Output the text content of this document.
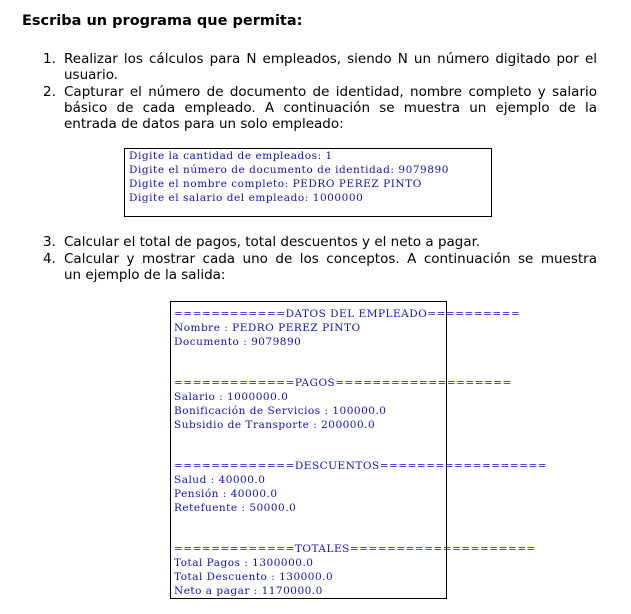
Escriba un programa que permita:
1. Realizar los cálculos para N empleados, siendo N un número digitado por el
usuario.
2. Capturar el número de documento de identidad, nombre completo y salario
básico de cada empleado. A continuación se muestra un ejemplo de la
entrada de datos para un solo empleado:
Digite la cantidad de empleados: 1
Digite el número de documento de identidad: 9079890
Digite el nombre completo: PEDRO PEREZ PINTO
Digite el salario del empleado: 1000000
3. Calcular el total de pagos, total descuentos y el neto a pagar.
4. Calcular y mostrar cada uno de los conceptos. A continuación se muestra
un ejemplo de la salida:
============DATOS DEL EMPLEADO==========
Nombre : PEDRO PEREZ PINTO
Documento : 9079890
=============PAGOS===================
Salario : 1000000.0
Bonificación de Servicios : 100000.0
Subsidio de Transporte : 200000.0
=============DESCUENTOS==================
Salud : 40000.0
Pensión : 40000.0
Retefuente : 50000.0
=============TOTALES====================
Total Pagos : 1300000.0
Total Descuento : 130000.0
Neto a pagar : 1170000.0
